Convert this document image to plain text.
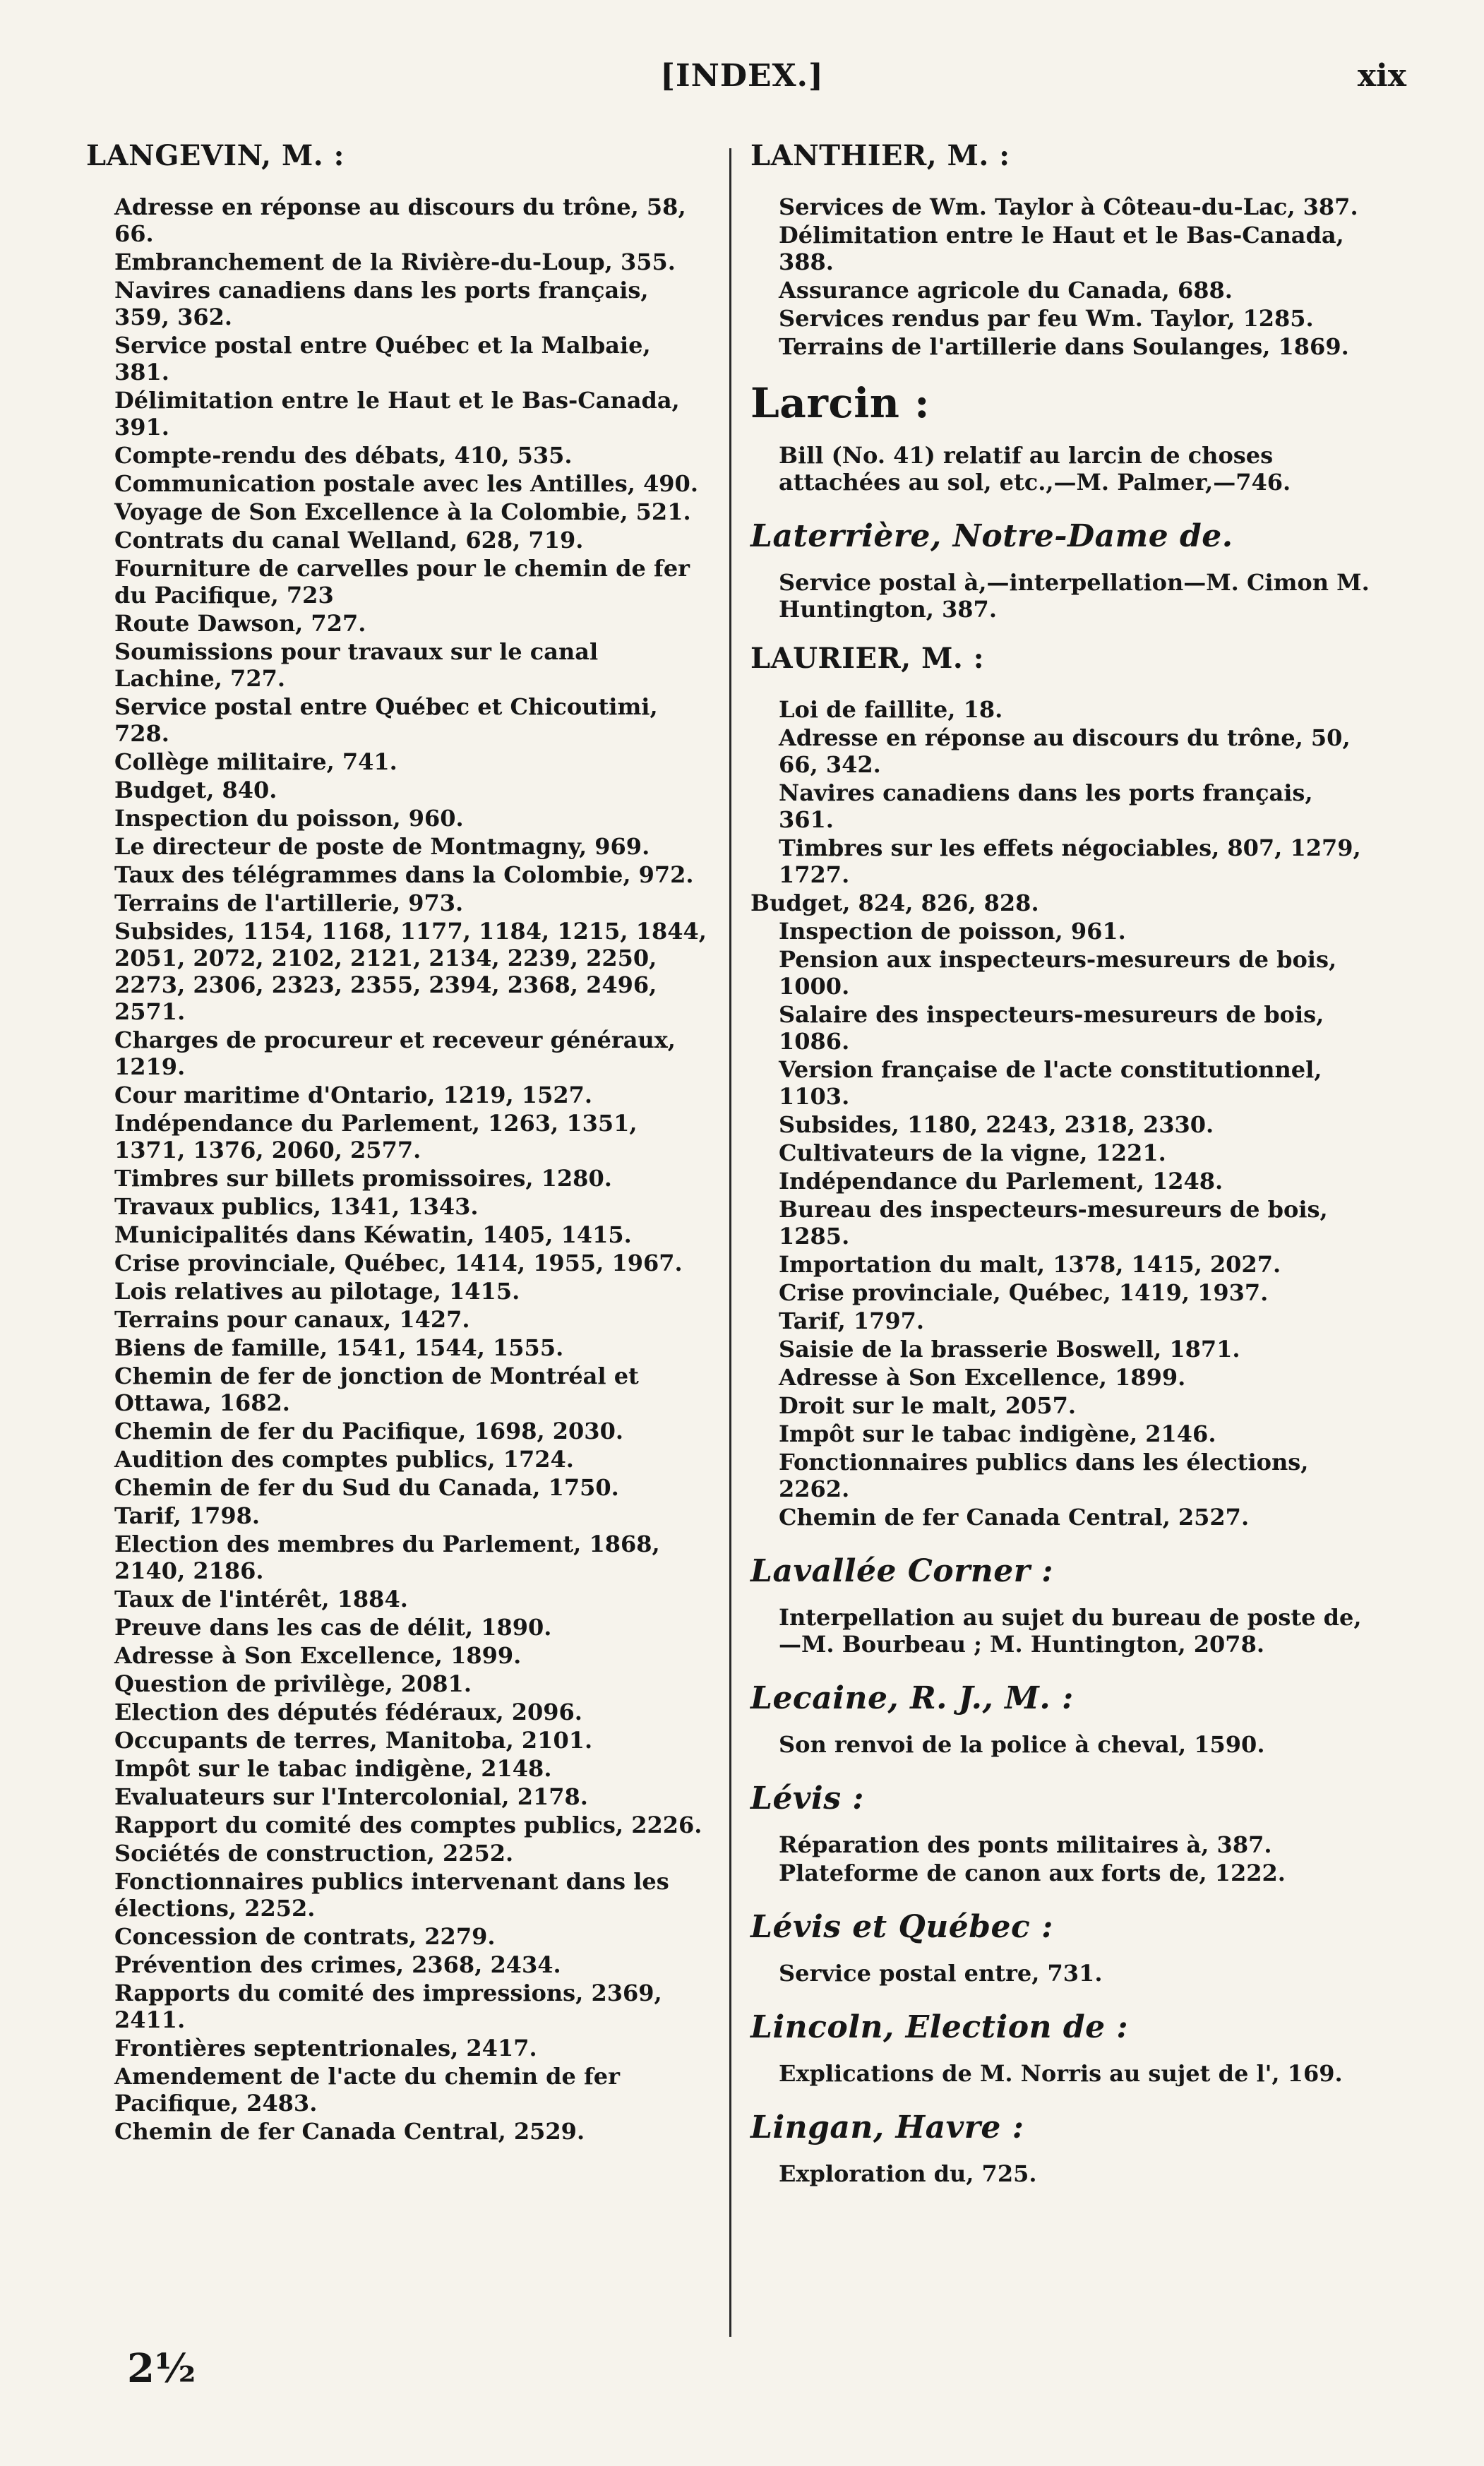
[INDEX.]	xix
LANGEVIN, M. :
Adresse en réponse au discours du trône, 58, 66.
Embranchement de la Rivière-du-Loup, 355.
Navires canadiens dans les ports français, 359, 362.
Service postal entre Québec et la Malbaie, 381.
Délimitation entre le Haut et le Bas-Canada, 391.
Compte-rendu des débats, 410, 535.
Communication postale avec les Antilles, 490.
Voyage de Son Excellence à la Colombie, 521.
Contrats du canal Welland, 628, 719.
Fourniture de carvelles pour le chemin de fer du Pacifique, 723
Route Dawson, 727.
Soumissions pour travaux sur le canal Lachine, 727.
Service postal entre Québec et Chicoutimi, 728.
Collège militaire, 741.
Budget, 840.
Inspection du poisson, 960.
Le directeur de poste de Montmagny, 969.
Taux des télégrammes dans la Colombie, 972.
Terrains de l'artillerie, 973.
Subsides, 1154, 1168, 1177, 1184, 1215, 1844, 2051, 2072, 2102, 2121, 2134, 2239, 2250, 2273, 2306, 2323, 2355, 2394, 2368, 2496, 2571.
Charges de procureur et receveur généraux, 1219.
Cour maritime d'Ontario, 1219, 1527.
Indépendance du Parlement, 1263, 1351, 1371, 1376, 2060, 2577.
Timbres sur billets promissoires, 1280.
Travaux publics, 1341, 1343.
Municipalités dans Kéwatin, 1405, 1415.
Crise provinciale, Québec, 1414, 1955, 1967.
Lois relatives au pilotage, 1415.
Terrains pour canaux, 1427.
Biens de famille, 1541, 1544, 1555.
Chemin de fer de jonction de Montréal et Ottawa, 1682.
Chemin de fer du Pacifique, 1698, 2030.
Audition des comptes publics, 1724.
Chemin de fer du Sud du Canada, 1750.
Tarif, 1798.
Election des membres du Parlement, 1868, 2140, 2186.
Taux de l'intérêt, 1884.
Preuve dans les cas de délit, 1890.
Adresse à Son Excellence, 1899.
Question de privilège, 2081.
Election des députés fédéraux, 2096.
Occupants de terres, Manitoba, 2101.
Impôt sur le tabac indigène, 2148.
Evaluateurs sur l'Intercolonial, 2178.
Rapport du comité des comptes publics, 2226.
Sociétés de construction, 2252.
Fonctionnaires publics intervenant dans les élections, 2252.
Concession de contrats, 2279.
Prévention des crimes, 2368, 2434.
Rapports du comité des impressions, 2369, 2411.
Frontières septentrionales, 2417.
Amendement de l'acte du chemin de fer Pacifique, 2483.
Chemin de fer Canada Central, 2529.
LANTHIER, M. :
Services de Wm. Taylor à Côteau-du-Lac, 387.
Délimitation entre le Haut et le Bas-Canada, 388.
Assurance agricole du Canada, 688.
Services rendus par feu Wm. Taylor, 1285.
Terrains de l'artillerie dans Soulanges, 1869.
Larcin :
Bill (No. 41) relatif au larcin de choses attachées au sol, etc.,—M. Palmer,—746.
Laterrière, Notre-Dame de.
Service postal à,—interpellation—M. Cimon M. Huntington, 387.
LAURIER, M. :
Loi de faillite, 18.
Adresse en réponse au discours du trône, 50, 66, 342.
Navires canadiens dans les ports français, 361.
Timbres sur les effets négociables, 807, 1279, 1727.
Budget, 824, 826, 828.
Inspection de poisson, 961.
Pension aux inspecteurs-mesureurs de bois, 1000.
Salaire des inspecteurs-mesureurs de bois, 1086.
Version française de l'acte constitutionnel, 1103.
Subsides, 1180, 2243, 2318, 2330.
Cultivateurs de la vigne, 1221.
Indépendance du Parlement, 1248.
Bureau des inspecteurs-mesureurs de bois, 1285.
Importation du malt, 1378, 1415, 2027.
Crise provinciale, Québec, 1419, 1937.
Tarif, 1797.
Saisie de la brasserie Boswell, 1871.
Adresse à Son Excellence, 1899.
Droit sur le malt, 2057.
Impôt sur le tabac indigène, 2146.
Fonctionnaires publics dans les élections, 2262.
Chemin de fer Canada Central, 2527.
Lavallée Corner :
Interpellation au sujet du bureau de poste de,—M. Bourbeau ; M. Huntington, 2078.
Lecaine, R. J., M. :
Son renvoi de la police à cheval, 1590.
Lévis :
Réparation des ponts militaires à, 387.
Plateforme de canon aux forts de, 1222.
Lévis et Québec :
Service postal entre, 731.
Lincoln, Election de :
Explications de M. Norris au sujet de l', 169.
Lingan, Havre :
Exploration du, 725.
2½
